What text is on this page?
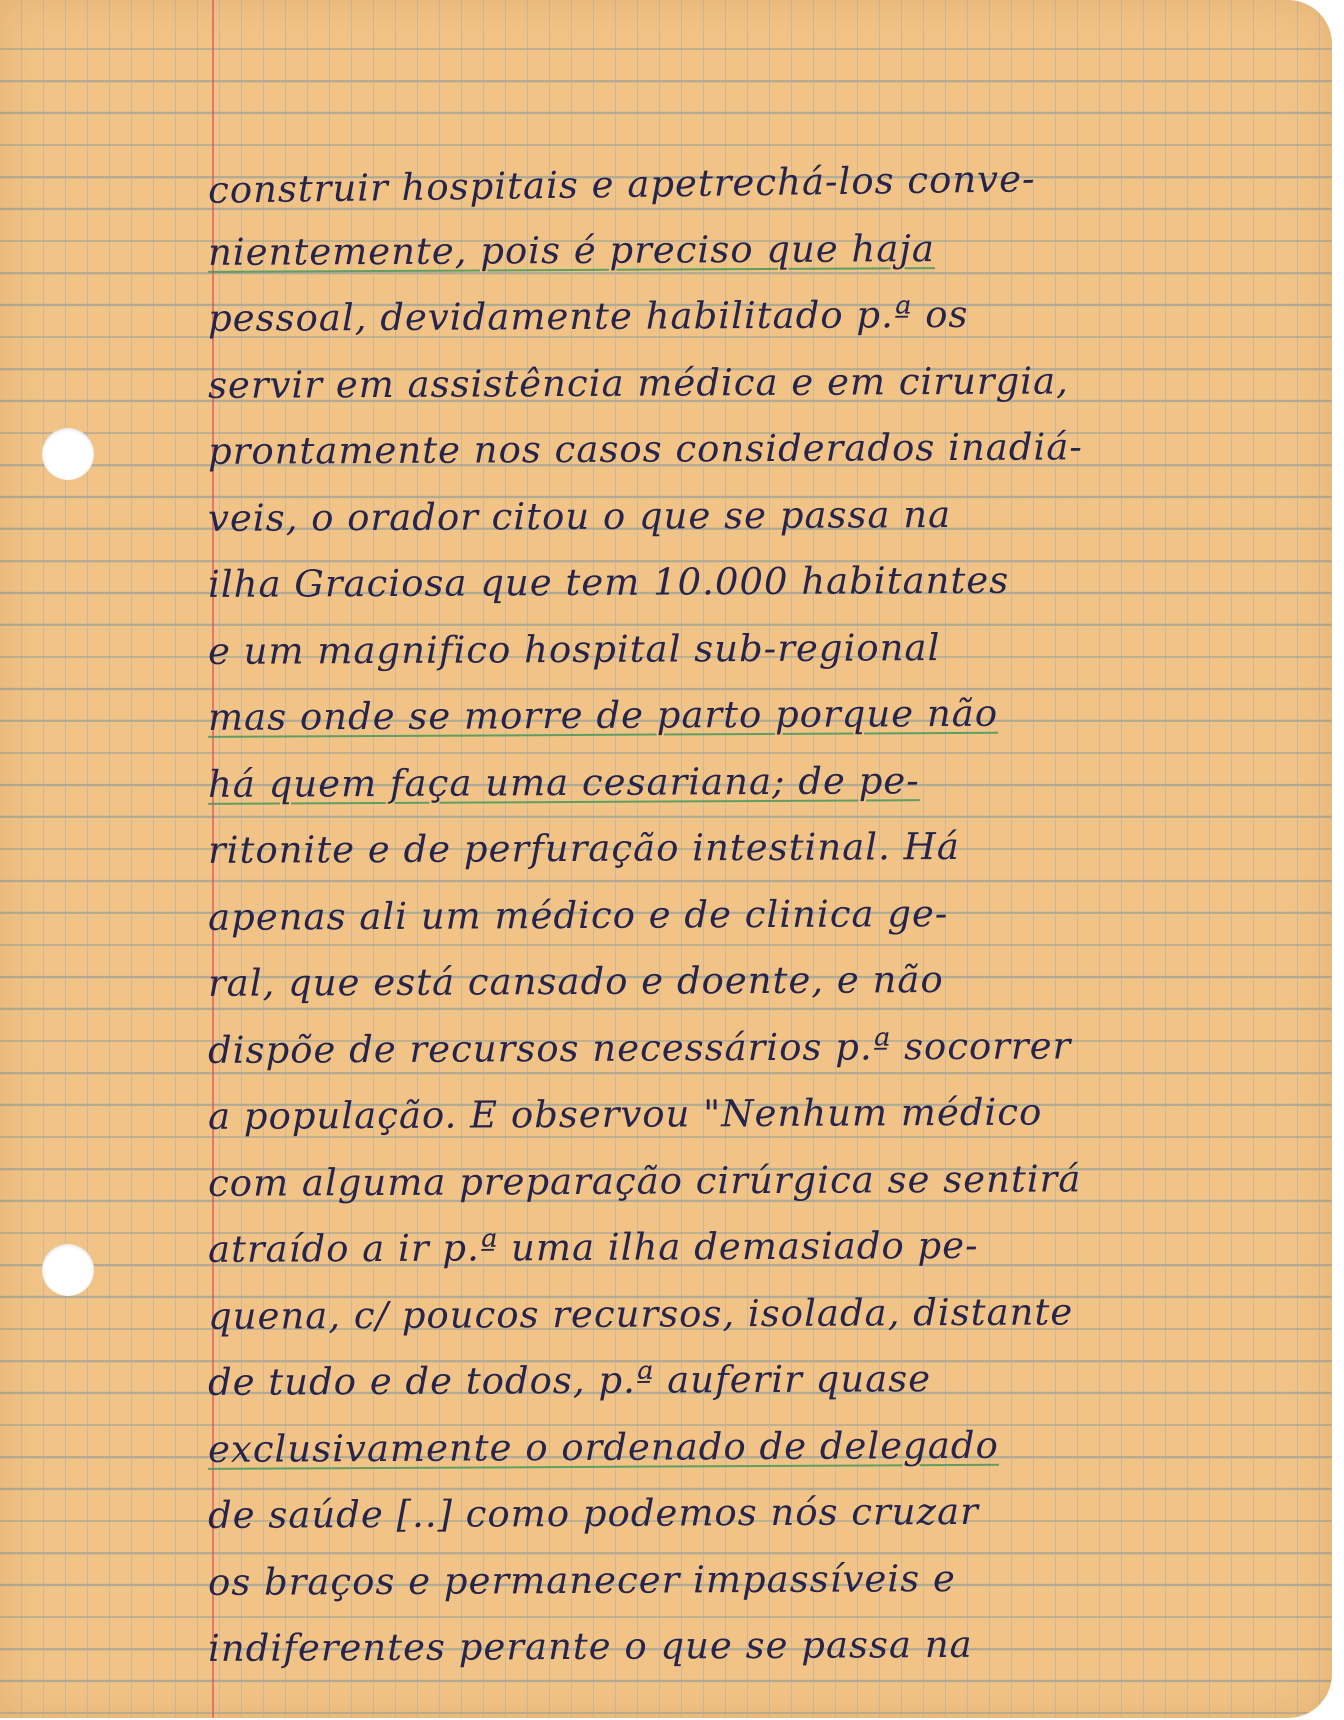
construir hospitais e apetrechá-los conve-
nientemente, pois é preciso que haja
pessoal, devidamente habilitado p.ª os
servir em assistência médica e em cirurgia,
prontamente nos casos considerados inadiá-
veis, o orador citou o que se passa na
ilha Graciosa que tem 10.000 habitantes
e um magnifico hospital sub-regional
mas onde se morre de parto porque não
há quem faça uma cesariana; de pe-
ritonite e de perfuração intestinal. Há
apenas ali um médico e de clinica ge-
ral, que está cansado e doente, e não
dispõe de recursos necessários p.ª socorrer
a população. E observou "Nenhum médico
com alguma preparação cirúrgica se sentirá
atraído a ir p.ª uma ilha demasiado pe-
quena, c/ poucos recursos, isolada, distante
de tudo e de todos, p.ª auferir quase
exclusivamente o ordenado de delegado
de saúde [..] como podemos nós cruzar
os braços e permanecer impassíveis e
indiferentes perante o que se passa na
